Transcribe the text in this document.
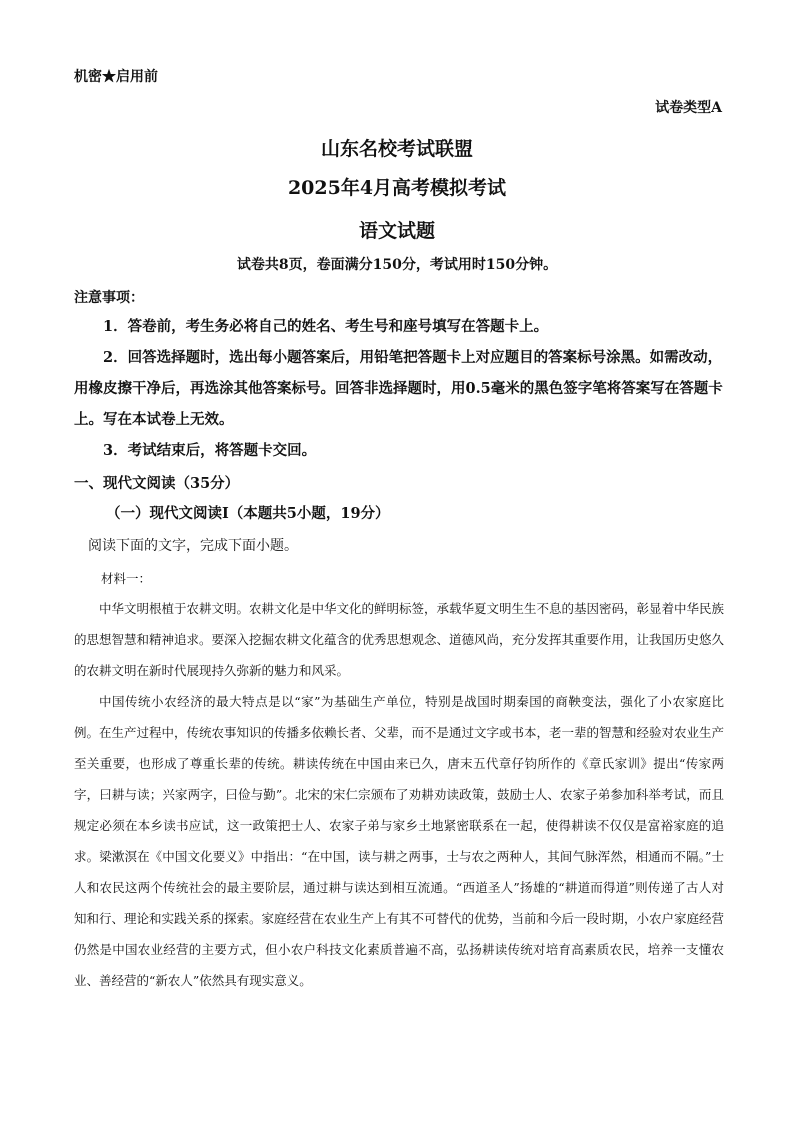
机密★启用前
试卷类型A
山东名校考试联盟
2025年4月高考模拟考试
语文试题
试卷共8页，卷面满分150分，考试用时150分钟。
注意事项：
1．答卷前，考生务必将自己的姓名、考生号和座号填写在答题卡上。
2．回答选择题时，选出每小题答案后，用铅笔把答题卡上对应题目的答案标号涂黑。如需改动，用橡皮擦干净后，再选涂其他答案标号。回答非选择题时，用0.5毫米的黑色签字笔将答案写在答题卡上。写在本试卷上无效。
3．考试结束后，将答题卡交回。
一、现代文阅读（35分）
（一）现代文阅读Ⅰ（本题共5小题，19分）
阅读下面的文字，完成下面小题。
材料一：
中华文明根植于农耕文明。农耕文化是中华文化的鲜明标签，承载华夏文明生生不息的基因密码，彰显着中华民族的思想智慧和精神追求。要深入挖掘农耕文化蕴含的优秀思想观念、道德风尚，充分发挥其重要作用，让我国历史悠久的农耕文明在新时代展现持久弥新的魅力和风采。
中国传统小农经济的最大特点是以“家”为基础生产单位，特别是战国时期秦国的商鞅变法，强化了小农家庭比例。在生产过程中，传统农事知识的传播多依赖长者、父辈，而不是通过文字或书本，老一辈的智慧和经验对农业生产至关重要，也形成了尊重长辈的传统。耕读传统在中国由来已久，唐末五代章仔钧所作的《章氏家训》提出“传家两字，曰耕与读；兴家两字，曰俭与勤”。北宋的宋仁宗颁布了劝耕劝读政策，鼓励士人、农家子弟参加科举考试，而且规定必须在本乡读书应试，这一政策把士人、农家子弟与家乡土地紧密联系在一起，使得耕读不仅仅是富裕家庭的追求。梁漱溟在《中国文化要义》中指出：“在中国，读与耕之两事，士与农之两种人，其间气脉浑然，相通而不隔。”士人和农民这两个传统社会的最主要阶层，通过耕与读达到相互流通。“西道圣人”扬雄的“耕道而得道”则传递了古人对知和行、理论和实践关系的探索。家庭经营在农业生产上有其不可替代的优势，当前和今后一段时期，小农户家庭经营仍然是中国农业经营的主要方式，但小农户科技文化素质普遍不高，弘扬耕读传统对培育高素质农民，培养一支懂农业、善经营的“新农人”依然具有现实意义。
